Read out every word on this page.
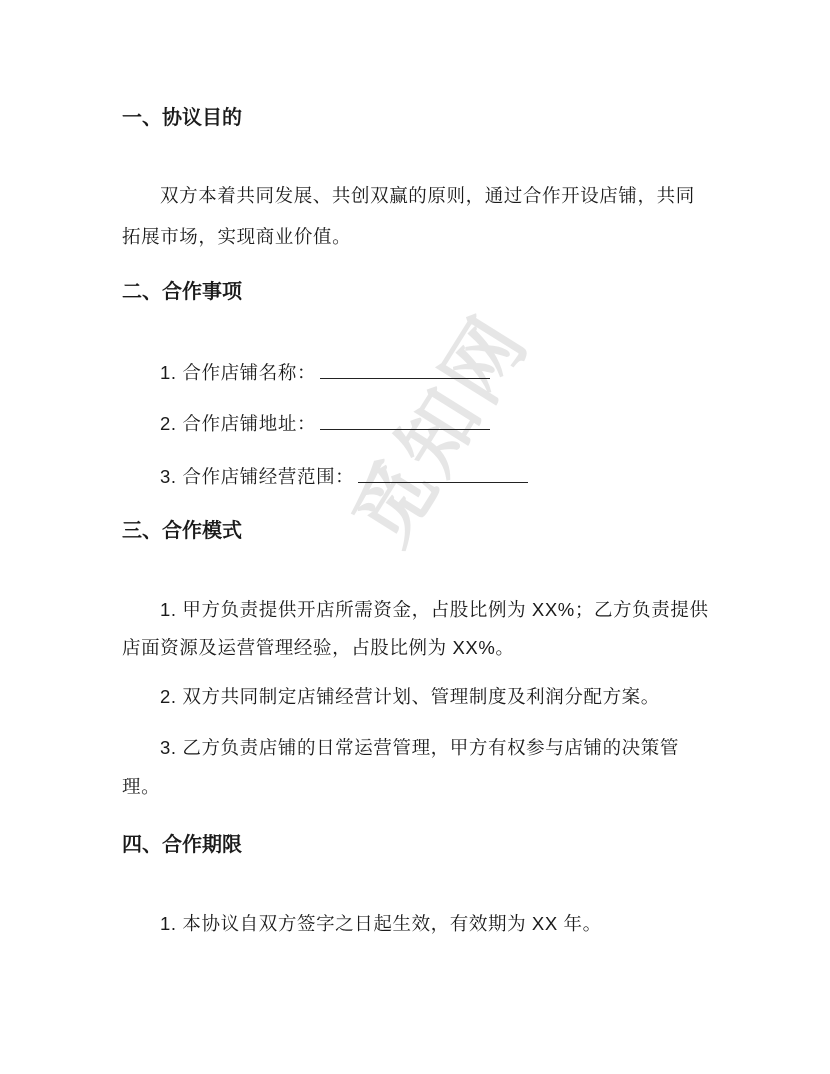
觅知网
一、协议目的
双方本着共同发展、共创双赢的原则，通过合作开设店铺，共同
拓展市场，实现商业价值。
二、合作事项
1. 合作店铺名称：
2. 合作店铺地址：
3. 合作店铺经营范围：
三、合作模式
1. 甲方负责提供开店所需资金，占股比例为 XX%；乙方负责提供
店面资源及运营管理经验，占股比例为 XX%。
2. 双方共同制定店铺经营计划、管理制度及利润分配方案。
3. 乙方负责店铺的日常运营管理，甲方有权参与店铺的决策管
理。
四、合作期限
1. 本协议自双方签字之日起生效，有效期为 XX 年。
